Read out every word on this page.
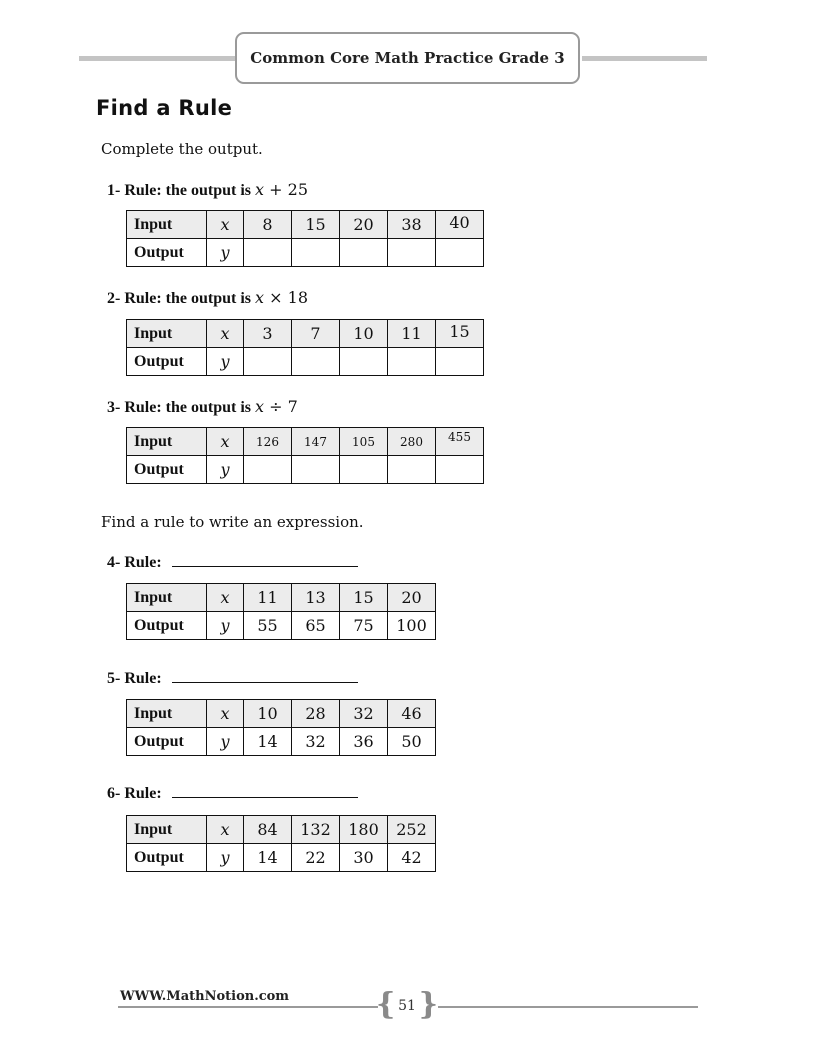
Common Core Math Practice Grade 3
Find a Rule
Complete the output.
1- Rule: the output is x + 25
Input	x	8	15	20	38	40
Output	y					
2- Rule: the output is x × 18
Input	x	3	7	10	11	15
Output	y					
3- Rule: the output is x ÷ 7
Input	x	126	147	105	280	455
Output	y					
Find a rule to write an expression.
4- Rule:
Input	x	11	13	15	20
Output	y	55	65	75	100
5- Rule:
Input	x	10	28	32	46
Output	y	14	32	36	50
6- Rule:
Input	x	84	132	180	252
Output	y	14	22	30	42
WWW.MathNotion.com	{ 51 }
